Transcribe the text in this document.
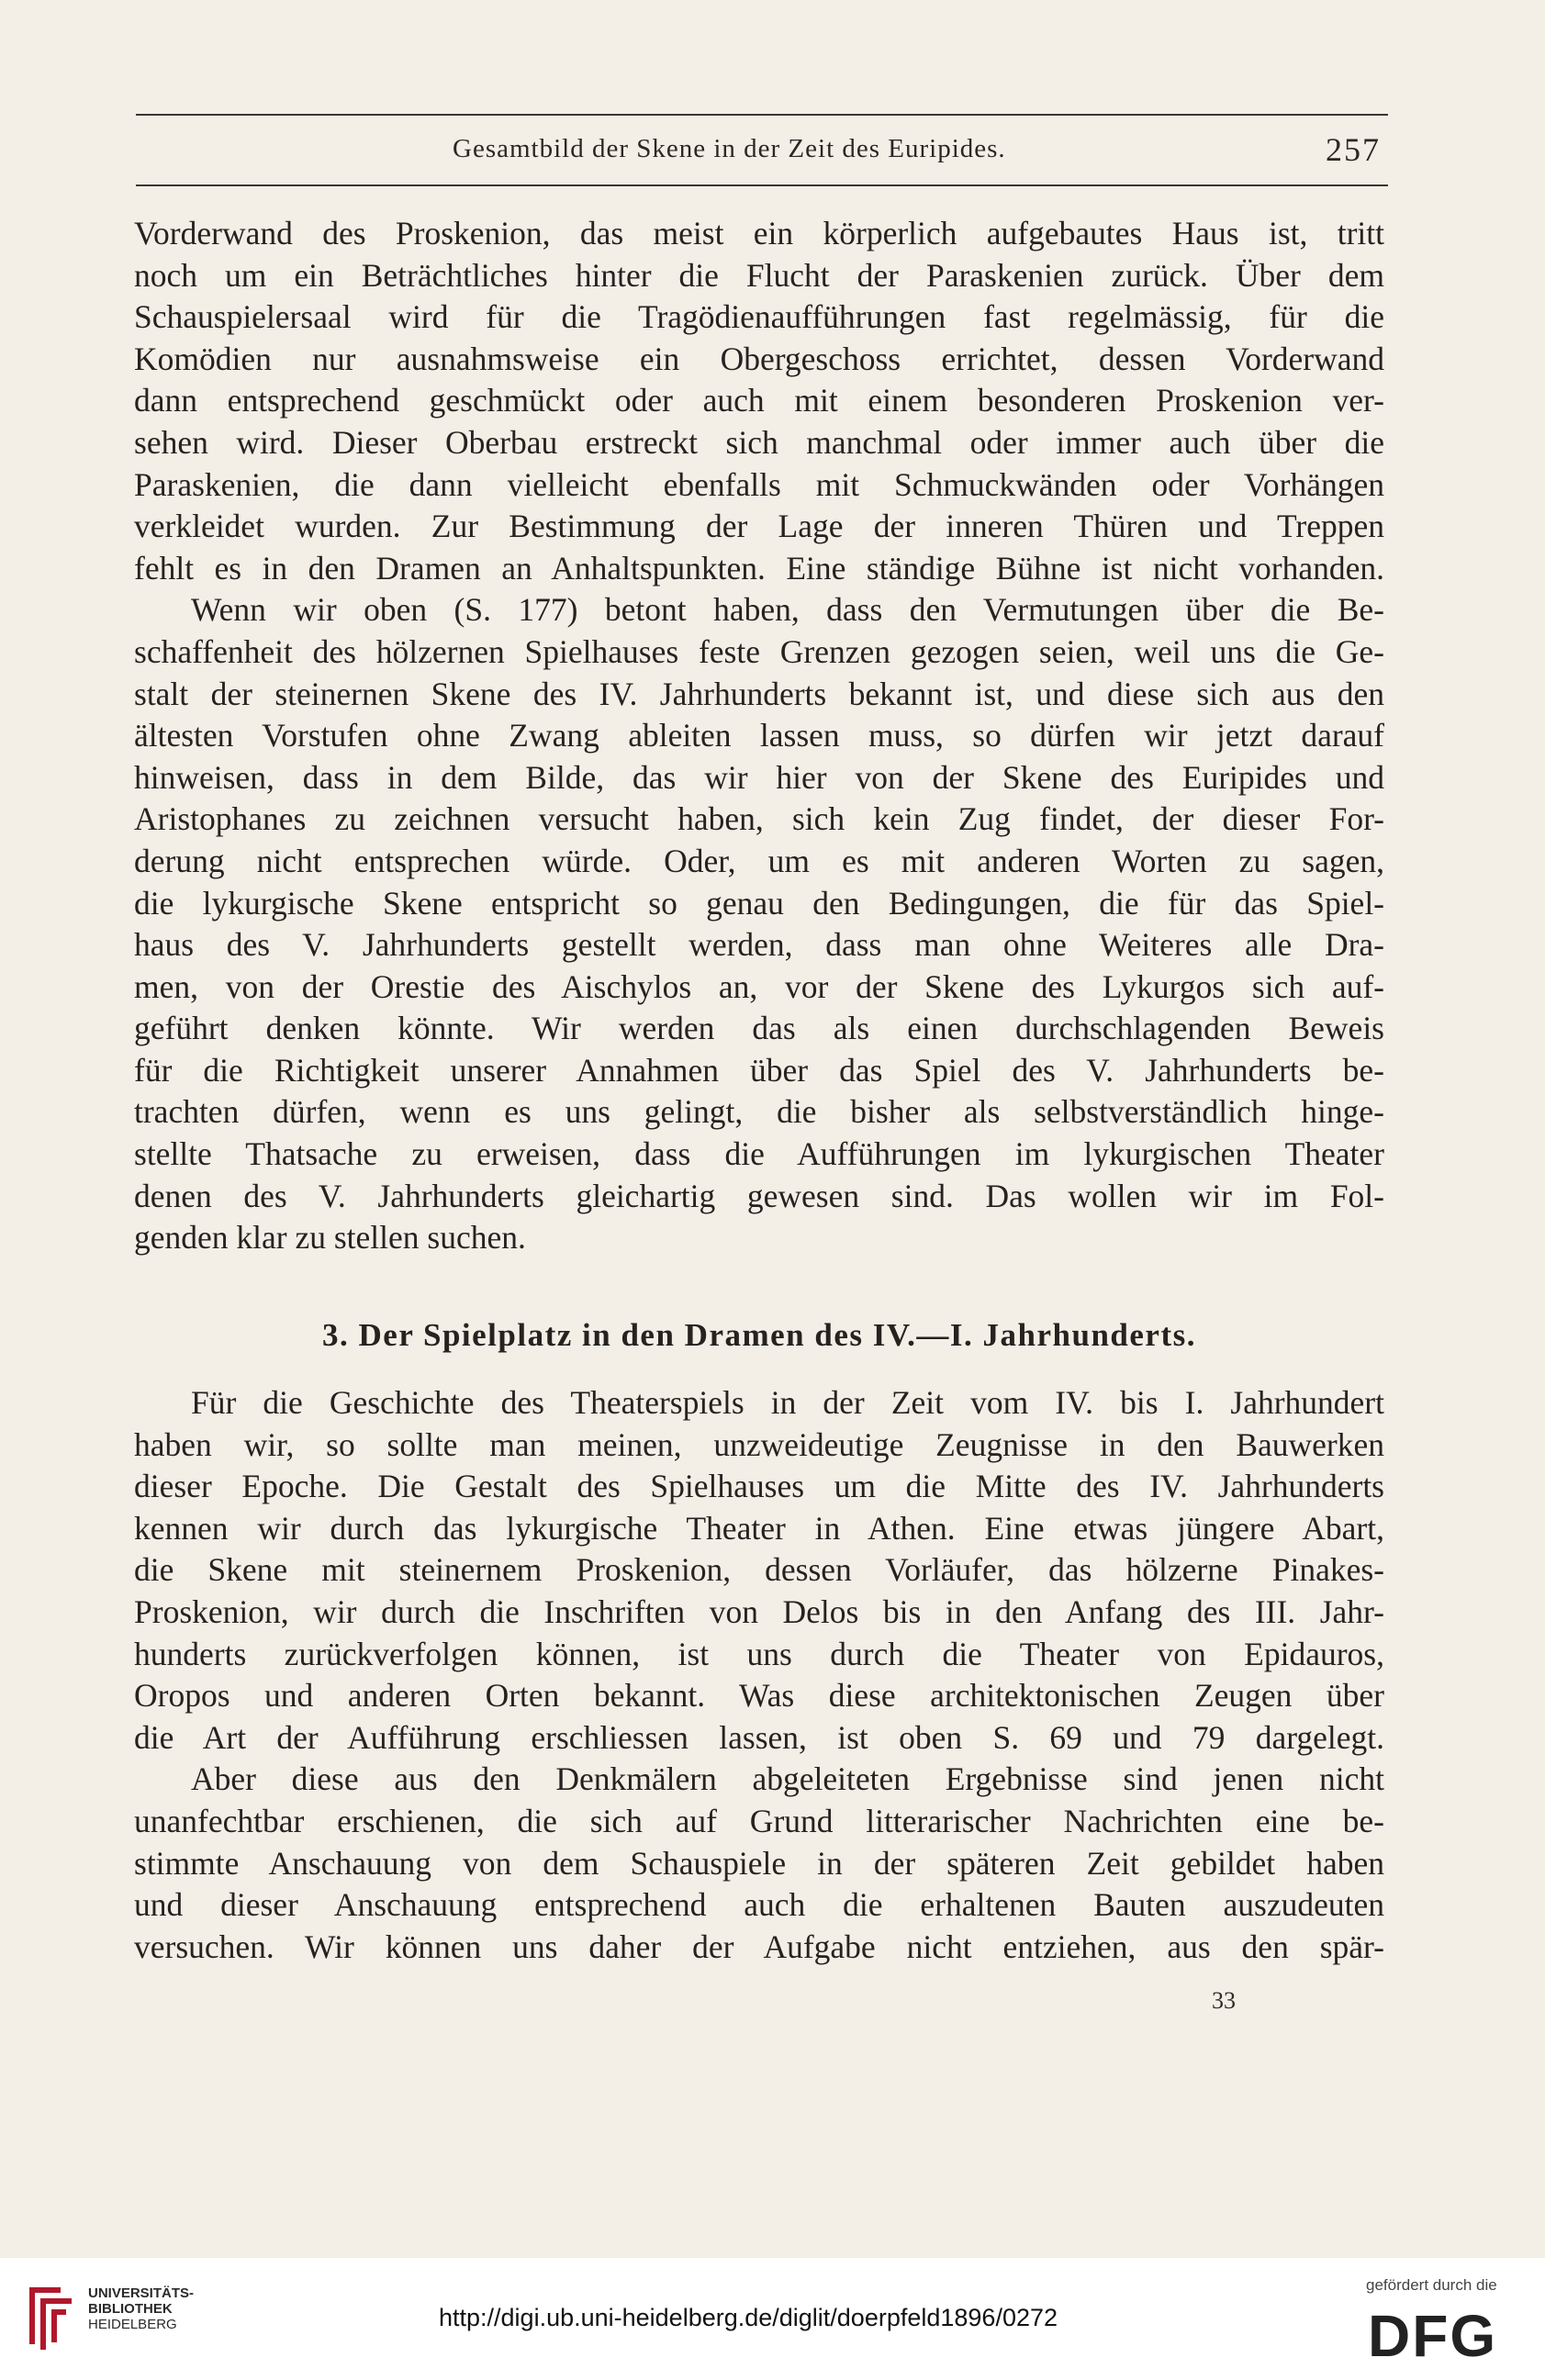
Gesamtbild der Skene in der Zeit des Euripides.	257
Vorderwand des Proskenion, das meist ein körperlich aufgebautes Haus ist, tritt
noch um ein Beträchtliches hinter die Flucht der Paraskenien zurück. Über dem
Schauspielersaal wird für die Tragödienaufführungen fast regelmässig, für die
Komödien nur ausnahmsweise ein Obergeschoss errichtet, dessen Vorderwand
dann entsprechend geschmückt oder auch mit einem besonderen Proskenion ver-
sehen wird. Dieser Oberbau erstreckt sich manchmal oder immer auch über die
Paraskenien, die dann vielleicht ebenfalls mit Schmuckwänden oder Vorhängen
verkleidet wurden. Zur Bestimmung der Lage der inneren Thüren und Treppen
fehlt es in den Dramen an Anhaltspunkten. Eine ständige Bühne ist nicht vorhanden.
Wenn wir oben (S. 177) betont haben, dass den Vermutungen über die Be-
schaffenheit des hölzernen Spielhauses feste Grenzen gezogen seien, weil uns die Ge-
stalt der steinernen Skene des IV. Jahrhunderts bekannt ist, und diese sich aus den
ältesten Vorstufen ohne Zwang ableiten lassen muss, so dürfen wir jetzt darauf
hinweisen, dass in dem Bilde, das wir hier von der Skene des Euripides und
Aristophanes zu zeichnen versucht haben, sich kein Zug findet, der dieser For-
derung nicht entsprechen würde. Oder, um es mit anderen Worten zu sagen,
die lykurgische Skene entspricht so genau den Bedingungen, die für das Spiel-
haus des V. Jahrhunderts gestellt werden, dass man ohne Weiteres alle Dra-
men, von der Orestie des Aischylos an, vor der Skene des Lykurgos sich auf-
geführt denken könnte. Wir werden das als einen durchschlagenden Beweis
für die Richtigkeit unserer Annahmen über das Spiel des V. Jahrhunderts be-
trachten dürfen, wenn es uns gelingt, die bisher als selbstverständlich hinge-
stellte Thatsache zu erweisen, dass die Aufführungen im lykurgischen Theater
denen des V. Jahrhunderts gleichartig gewesen sind. Das wollen wir im Fol-
genden klar zu stellen suchen.
3. Der Spielplatz in den Dramen des IV.—I. Jahrhunderts.
Für die Geschichte des Theaterspiels in der Zeit vom IV. bis I. Jahrhundert
haben wir, so sollte man meinen, unzweideutige Zeugnisse in den Bauwerken
dieser Epoche. Die Gestalt des Spielhauses um die Mitte des IV. Jahrhunderts
kennen wir durch das lykurgische Theater in Athen. Eine etwas jüngere Abart,
die Skene mit steinernem Proskenion, dessen Vorläufer, das hölzerne Pinakes-
Proskenion, wir durch die Inschriften von Delos bis in den Anfang des III. Jahr-
hunderts zurückverfolgen können, ist uns durch die Theater von Epidauros,
Oropos und anderen Orten bekannt. Was diese architektonischen Zeugen über
die Art der Aufführung erschliessen lassen, ist oben S. 69 und 79 dargelegt.
Aber diese aus den Denkmälern abgeleiteten Ergebnisse sind jenen nicht
unanfechtbar erschienen, die sich auf Grund litterarischer Nachrichten eine be-
stimmte Anschauung von dem Schauspiele in der späteren Zeit gebildet haben
und dieser Anschauung entsprechend auch die erhaltenen Bauten auszudeuten
versuchen. Wir können uns daher der Aufgabe nicht entziehen, aus den spär-
33
UNIVERSITÄTS-
BIBLIOTHEK
HEIDELBERG	http://digi.ub.uni-heidelberg.de/diglit/doerpfeld1896/0272
gefördert durch die
DFG
